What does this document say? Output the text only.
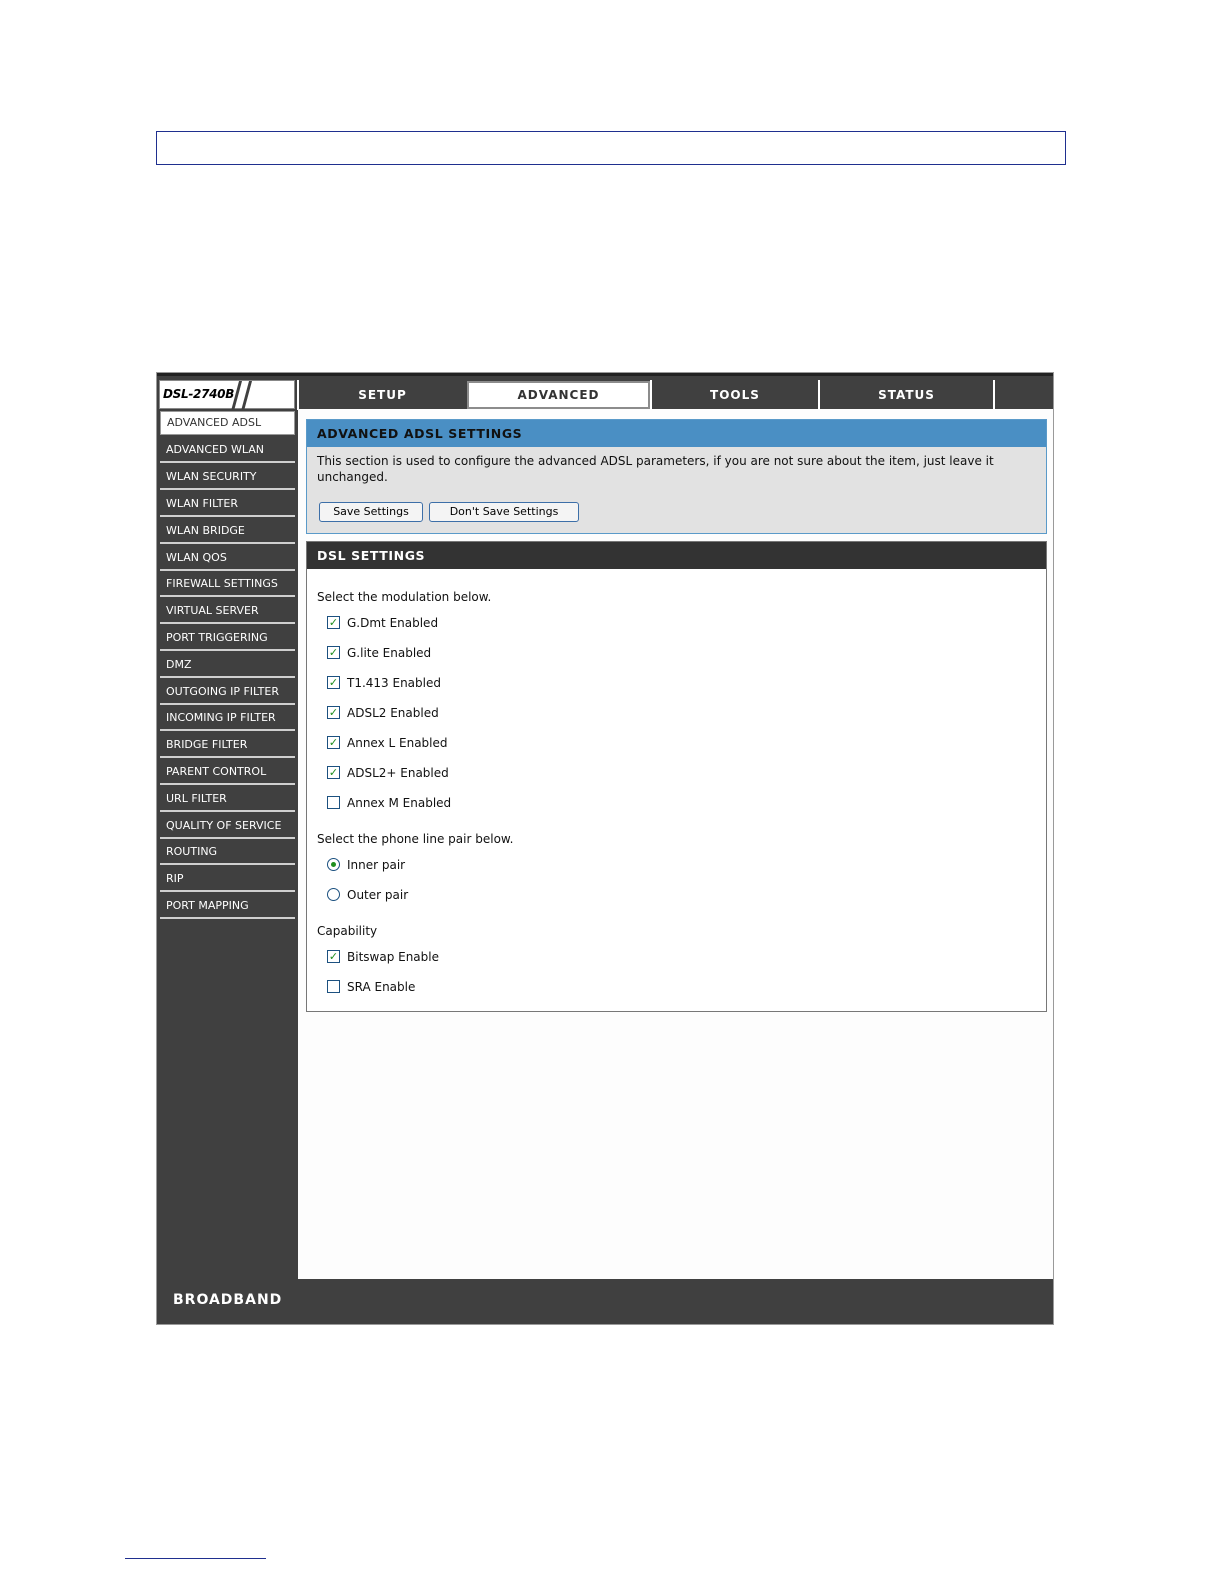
DSL-2740B	SETUP	ADVANCED	TOOLS	STATUS
ADVANCED ADSL
ADVANCED WLAN
WLAN SECURITY
WLAN FILTER
WLAN BRIDGE
WLAN QOS
FIREWALL SETTINGS
VIRTUAL SERVER
PORT TRIGGERING
DMZ
OUTGOING IP FILTER
INCOMING IP FILTER
BRIDGE FILTER
PARENT CONTROL
URL FILTER
QUALITY OF SERVICE
ROUTING
RIP
PORT MAPPING
ADVANCED ADSL SETTINGS
This section is used to configure the advanced ADSL parameters, if you are not sure about the item, just leave it unchanged.
Save Settings	Don't Save Settings
DSL SETTINGS
Select the modulation below.
✓ G.Dmt Enabled
✓ G.lite Enabled
✓ T1.413 Enabled
✓ ADSL2 Enabled
✓ Annex L Enabled
✓ ADSL2+ Enabled
Annex M Enabled
Select the phone line pair below.
Inner pair
Outer pair
Capability
✓ Bitswap Enable
SRA Enable
BROADBAND
